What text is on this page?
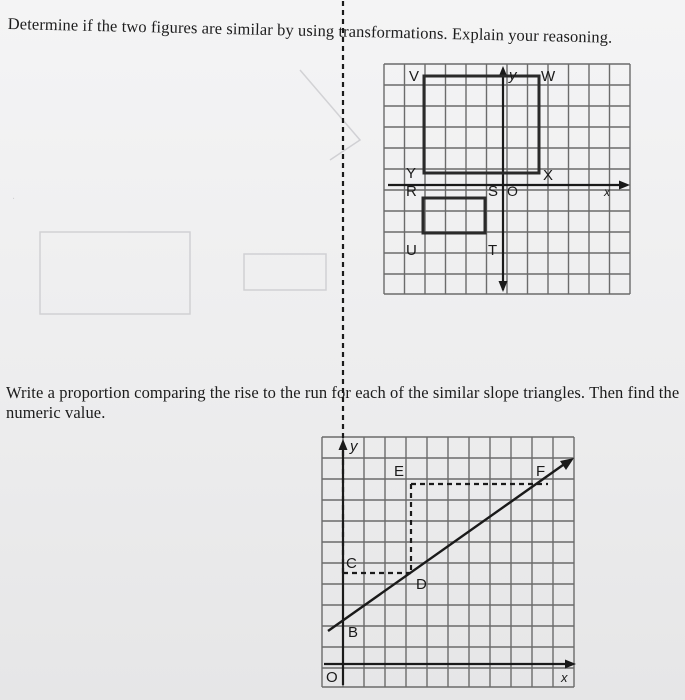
.

Determine if the two figures are similar by using transformations. Explain your reasoning.

y
x
V	W
X
Y
R	S O
T
U
y
x
O
B
C
D
E	F

Write a proportion comparing the rise to the run for each of the similar slope triangles. Then find the numeric value.
